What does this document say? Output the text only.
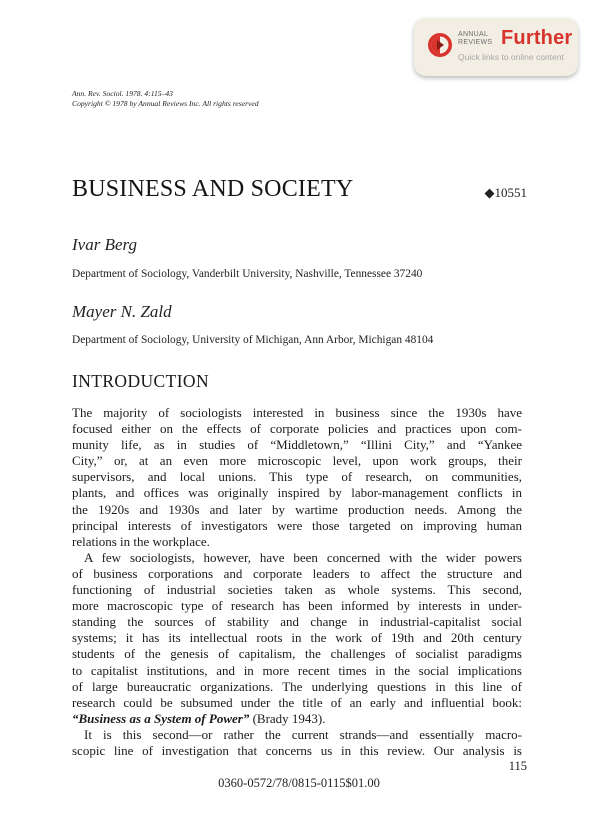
ANNUAL
REVIEWS Further
Quick links to online content
Ann. Rev. Sociol. 1978. 4:115–43
Copyright © 1978 by Annual Reviews Inc. All rights reserved
BUSINESS AND SOCIETY	◆10551
Ivar Berg
Department of Sociology, Vanderbilt University, Nashville, Tennessee 37240
Mayer N. Zald
Department of Sociology, University of Michigan, Ann Arbor, Michigan 48104
INTRODUCTION
The majority of sociologists interested in business since the 1930s have
focused either on the effects of corporate policies and practices upon com-
munity life, as in studies of “Middletown,” “Illini City,” and “Yankee
City,” or, at an even more microscopic level, upon work groups, their
supervisors, and local unions. This type of research, on communities,
plants, and offices was originally inspired by labor-management conflicts in
the 1920s and 1930s and later by wartime production needs. Among the
principal interests of investigators were those targeted on improving human
relations in the workplace.
A few sociologists, however, have been concerned with the wider powers
of business corporations and corporate leaders to affect the structure and
functioning of industrial societies taken as whole systems. This second,
more macroscopic type of research has been informed by interests in under-
standing the sources of stability and change in industrial-capitalist social
systems; it has its intellectual roots in the work of 19th and 20th century
students of the genesis of capitalism, the challenges of socialist paradigms
to capitalist institutions, and in more recent times in the social implications
of large bureaucratic organizations. The underlying questions in this line of
research could be subsumed under the title of an early and influential book:
“Business as a System of Power” (Brady 1943).
It is this second—or rather the current strands—and essentially macro-
scopic line of investigation that concerns us in this review. Our analysis is
115
0360-0572/78/0815-0115$01.00
